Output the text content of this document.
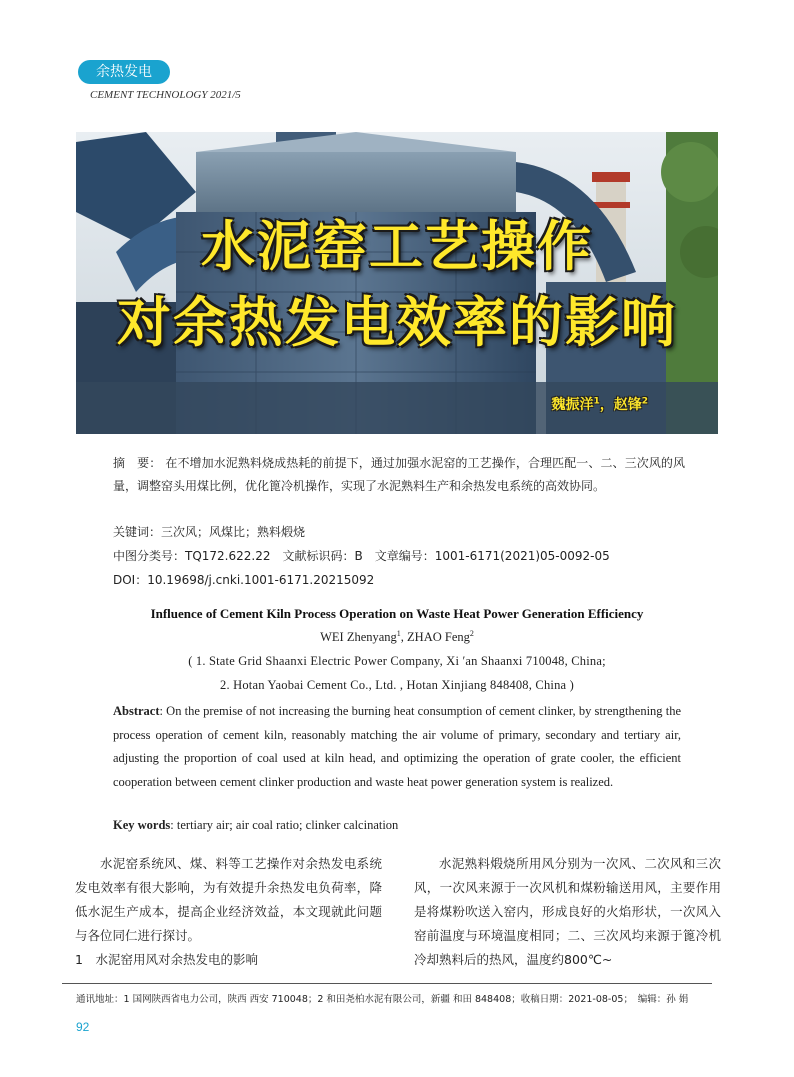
余热发电
CEMENT TECHNOLOGY 2021/5
水泥窑工艺操作
对余热发电效率的影响
魏振洋$^1$，赵锋$^2$
摘　要： 在不增加水泥熟料烧成热耗的前提下，通过加强水泥窑的工艺操作，合理匹配一、二、三次风的风量，调整窑头用煤比例，优化篦冷机操作，实现了水泥熟料生产和余热发电系统的高效协同。
关键词：三次风；风煤比；熟料煅烧
中图分类号：TQ172.622.22　文献标识码：B　文章编号：1001-6171(2021)05-0092-05
DOI：10.19698/j.cnki.1001-6171.20215092
Influence of Cement Kiln Process Operation on Waste Heat Power Generation Efficiency
WEI Zhenyang$^1$, ZHAO Feng$^2$
( 1. State Grid Shaanxi Electric Power Company, Xi ′an Shaanxi 710048, China;
2. Hotan Yaobai Cement Co., Ltd. , Hotan Xinjiang 848408, China )
Abstract: On the premise of not increasing the burning heat consumption of cement clinker, by strengthening the process operation of cement kiln, reasonably matching the air volume of primary, secondary and tertiary air, adjusting the proportion of coal used at kiln head, and optimizing the operation of grate cooler, the efficient cooperation between cement clinker production and waste heat power generation system is realized.
Key words: tertiary air; air coal ratio; clinker calcination

水泥窑系统风、煤、料等工艺操作对余热发电系统发电效率有很大影响，为有效提升余热发电负荷率，降低水泥生产成本，提高企业经济效益，本文现就此问题与各位同仁进行探讨。

1　水泥窑用风对余热发电的影响

水泥熟料煅烧所用风分别为一次风、二次风和三次风，一次风来源于一次风机和煤粉输送用风，主要作用是将煤粉吹送入窑内，形成良好的火焰形状，一次风入窑前温度与环境温度相同；二、三次风均来源于篦冷机冷却熟料后的热风，温度约800℃~

通讯地址：1 国网陕西省电力公司，陕西 西安 710048；2 和田尧柏水泥有限公司，新疆 和田 848408；收稿日期：2021-08-05；　编辑：孙 娟
92
